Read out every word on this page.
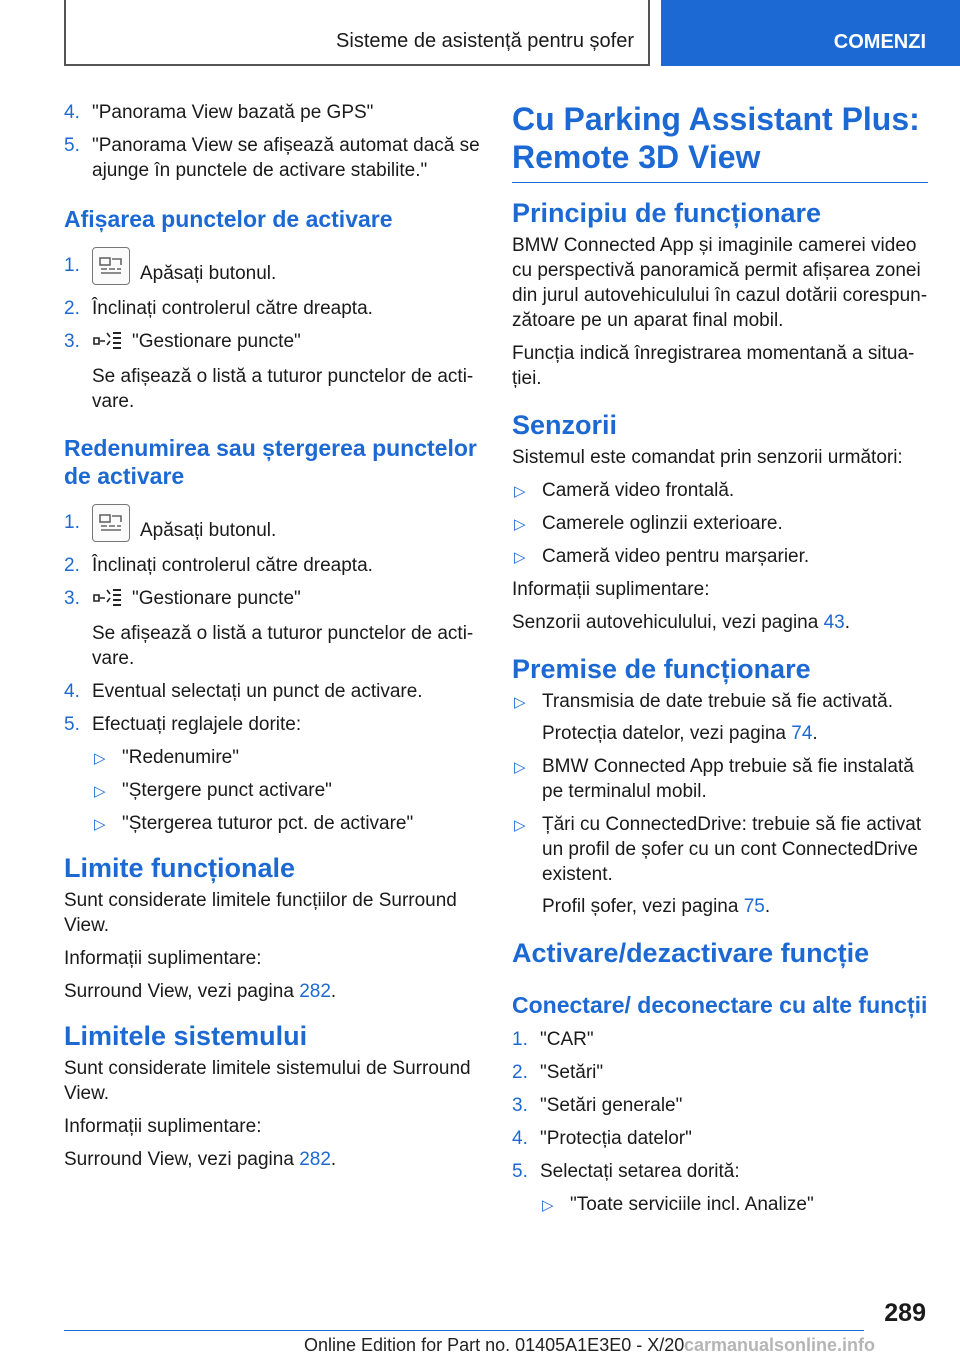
Sisteme de asistență pentru șofer	COMENZI
4. "Panorama View bazată pe GPS"
5. "Panorama View se afișează automat dacă se ajunge în punctele de activare stabilite."
Afișarea punctelor de activare
1.	Apăsați butonul.
2. Înclinați controlerul către dreapta.
3.	"Gestionare puncte"
Se afișează o listă a tuturor punctelor de acti-vare.
Redenumirea sau ștergerea punctelor de activare
1.	Apăsați butonul.
2. Înclinați controlerul către dreapta.
3.	"Gestionare puncte"
Se afișează o listă a tuturor punctelor de acti-vare.
4. Eventual selectați un punct de activare.
5. Efectuați reglajele dorite:
▷ "Redenumire"
▷ "Ștergere punct activare"
▷ "Ștergerea tuturor pct. de activare"
Limite funcționale

Sunt considerate limitele funcțiilor de Surround View.

Informații suplimentare:

Surround View, vezi pagina 282.

Limitele sistemului

Sunt considerate limitele sistemului de Surround View.

Informații suplimentare:

Surround View, vezi pagina 282.

Cu Parking Assistant Plus: Remote 3D View
Principiu de funcționare

BMW Connected App și imaginile camerei video cu perspectivă panoramică permit afișarea zonei din jurul autovehiculului în cazul dotării corespun-zătoare pe un aparat final mobil.

Funcția indică înregistrarea momentană a situa-ției.

Senzorii

Sistemul este comandat prin senzorii următori:

▷ Cameră video frontală.
▷ Camerele oglinzii exterioare.
▷ Cameră video pentru marșarier.

Informații suplimentare:

Senzorii autovehiculului, vezi pagina 43.

Premise de funcționare
▷ Transmisia de date trebuie să fie activată.
Protecția datelor, vezi pagina 74.
▷ BMW Connected App trebuie să fie instalată pe terminalul mobil.
▷ Țări cu ConnectedDrive: trebuie să fie activat un profil de șofer cu un cont ConnectedDrive existent.
Profil șofer, vezi pagina 75.
Activare/dezactivare funcție
Conectare/ deconectare cu alte funcții
1. "CAR"
2. "Setări"
3. "Setări generale"
4. "Protecția datelor"
5. Selectați setarea dorită:
▷ "Toate serviciile incl. Analize"
289
Online Edition for Part no. 01405A1E3E0 - X/20 carmanualsonline.info
